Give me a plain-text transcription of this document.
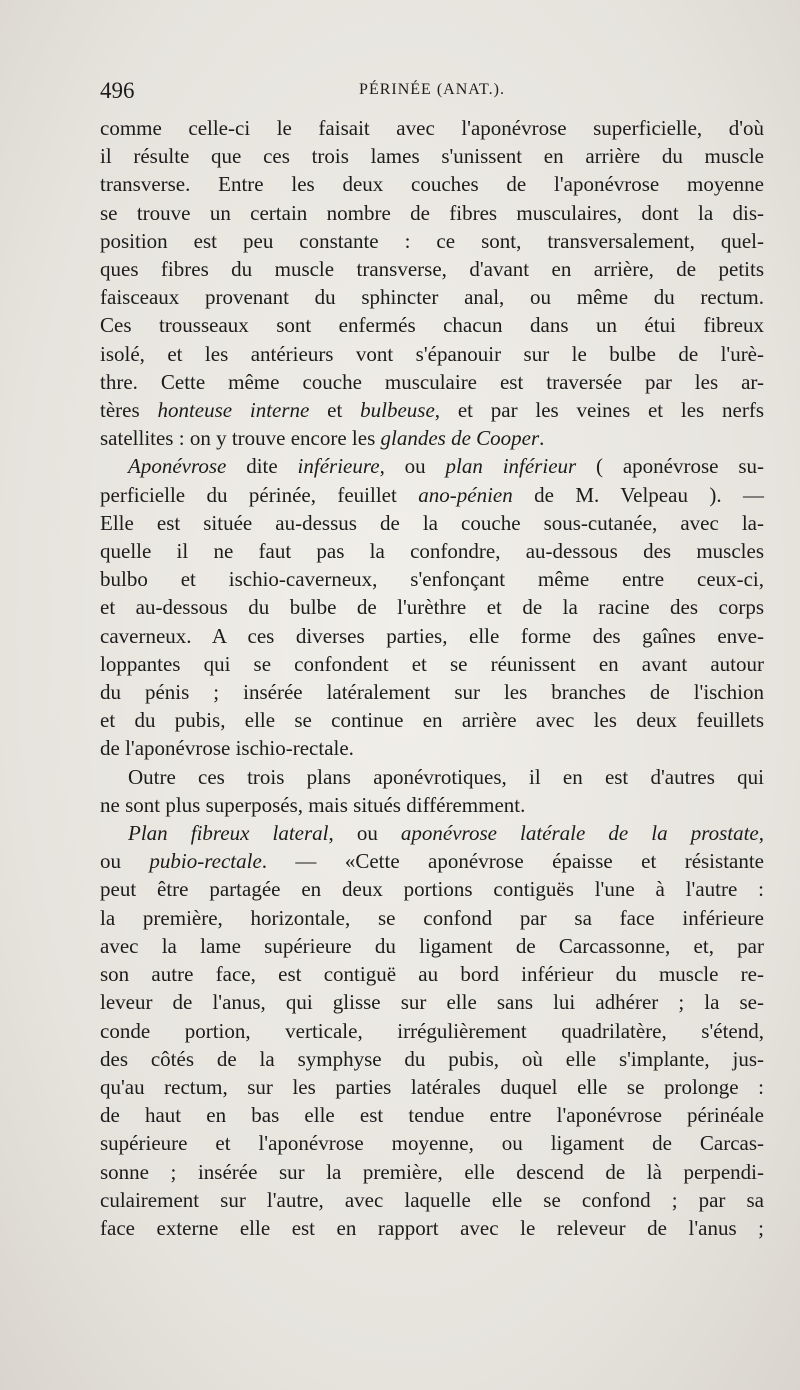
496	PÉRINÉE (ANAT.).
comme celle-ci le faisait avec l'aponévrose superficielle, d'où
il résulte que ces trois lames s'unissent en arrière du muscle
transverse. Entre les deux couches de l'aponévrose moyenne
se trouve un certain nombre de fibres musculaires, dont la dis-
position est peu constante : ce sont, transversalement, quel-
ques fibres du muscle transverse, d'avant en arrière, de petits
faisceaux provenant du sphincter anal, ou même du rectum.
Ces trousseaux sont enfermés chacun dans un étui fibreux
isolé, et les antérieurs vont s'épanouir sur le bulbe de l'urè-
thre. Cette même couche musculaire est traversée par les ar-
tères honteuse interne et bulbeuse, et par les veines et les nerfs
satellites : on y trouve encore les glandes de Cooper.
Aponévrose dite inférieure, ou plan inférieur ( aponévrose su-
perficielle du périnée, feuillet ano-pénien de M. Velpeau ). —
Elle est située au-dessus de la couche sous-cutanée, avec la-
quelle il ne faut pas la confondre, au-dessous des muscles
bulbo et ischio-caverneux, s'enfonçant même entre ceux-ci,
et au-dessous du bulbe de l'urèthre et de la racine des corps
caverneux. A ces diverses parties, elle forme des gaînes enve-
loppantes qui se confondent et se réunissent en avant autour
du pénis ; insérée latéralement sur les branches de l'ischion
et du pubis, elle se continue en arrière avec les deux feuillets
de l'aponévrose ischio-rectale.
Outre ces trois plans aponévrotiques, il en est d'autres qui
ne sont plus superposés, mais situés différemment.
Plan fibreux lateral, ou aponévrose latérale de la prostate,
ou pubio-rectale. — «Cette aponévrose épaisse et résistante
peut être partagée en deux portions contiguës l'une à l'autre :
la première, horizontale, se confond par sa face inférieure
avec la lame supérieure du ligament de Carcassonne, et, par
son autre face, est contiguë au bord inférieur du muscle re-
leveur de l'anus, qui glisse sur elle sans lui adhérer ; la se-
conde portion, verticale, irrégulièrement quadrilatère, s'étend,
des côtés de la symphyse du pubis, où elle s'implante, jus-
qu'au rectum, sur les parties latérales duquel elle se prolonge :
de haut en bas elle est tendue entre l'aponévrose périnéale
supérieure et l'aponévrose moyenne, ou ligament de Carcas-
sonne ; insérée sur la première, elle descend de là perpendi-
culairement sur l'autre, avec laquelle elle se confond ; par sa
face externe elle est en rapport avec le releveur de l'anus ;
